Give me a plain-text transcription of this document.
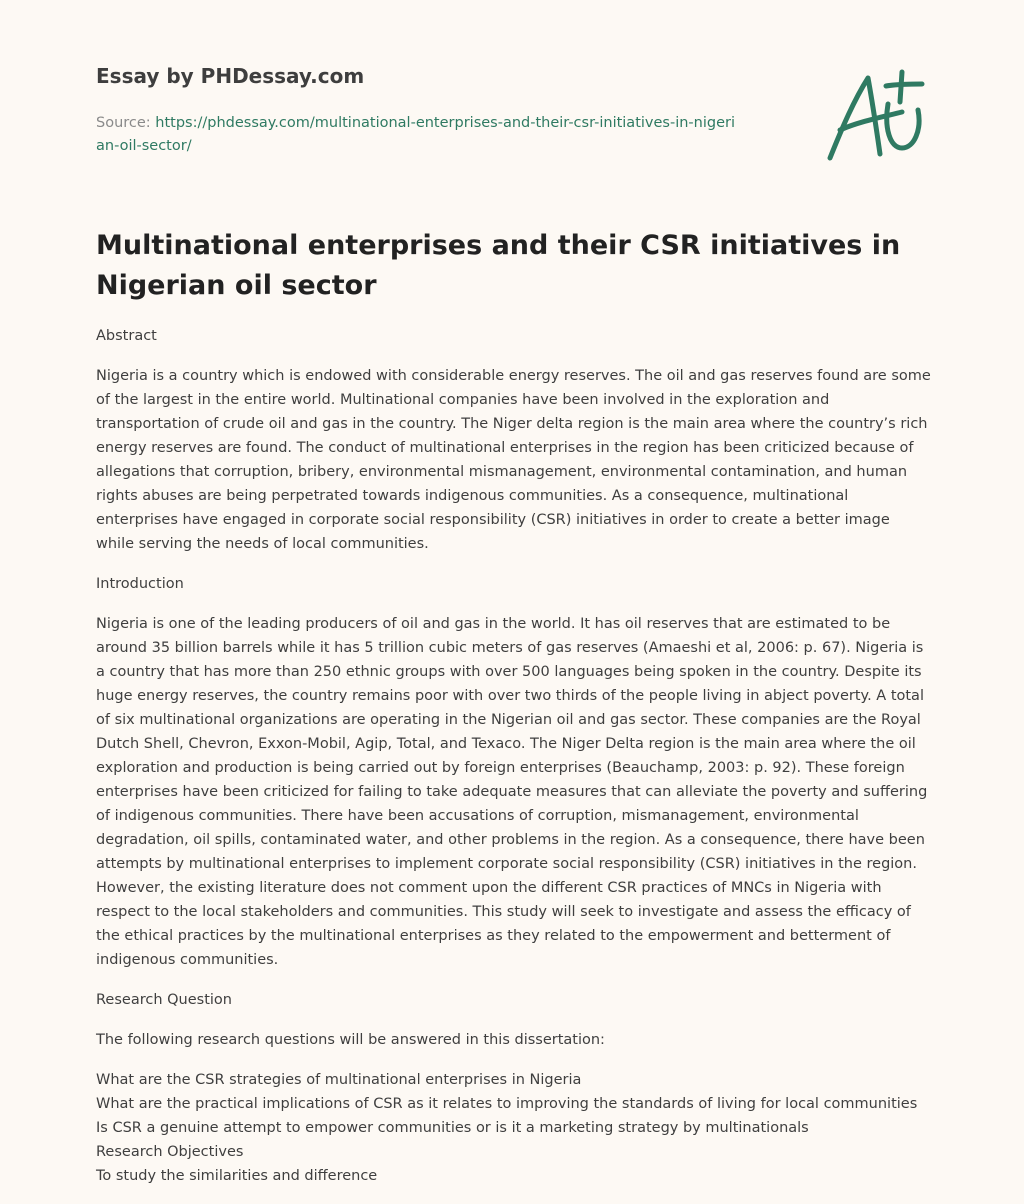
Essay by PHDessay.com

Source: https://phdessay.com/multinational-enterprises-and-their-csr-initiatives-in-nigerian-oil-sector/

Multinational enterprises and their CSR initiatives in Nigerian oil sector

Abstract

Nigeria is a country which is endowed with considerable energy reserves. The oil and gas reserves found are some of the largest in the entire world. Multinational companies have been involved in the exploration and transportation of crude oil and gas in the country. The Niger delta region is the main area where the country’s rich energy reserves are found. The conduct of multinational enterprises in the region has been criticized because of allegations that corruption, bribery, environmental mismanagement, environmental contamination, and human rights abuses are being perpetrated towards indigenous communities. As a consequence, multinational enterprises have engaged in corporate social responsibility (CSR) initiatives in order to create a better image while serving the needs of local communities.

Introduction

Nigeria is one of the leading producers of oil and gas in the world. It has oil reserves that are estimated to be around 35 billion barrels while it has 5 trillion cubic meters of gas reserves (Amaeshi et al, 2006: p. 67). Nigeria is a country that has more than 250 ethnic groups with over 500 languages being spoken in the country. Despite its huge energy reserves, the country remains poor with over two thirds of the people living in abject poverty. A total of six multinational organizations are operating in the Nigerian oil and gas sector. These companies are the Royal Dutch Shell, Chevron, Exxon-Mobil, Agip, Total, and Texaco. The Niger Delta region is the main area where the oil exploration and production is being carried out by foreign enterprises (Beauchamp, 2003: p. 92). These foreign enterprises have been criticized for failing to take adequate measures that can alleviate the poverty and suffering of indigenous communities. There have been accusations of corruption, mismanagement, environmental degradation, oil spills, contaminated water, and other problems in the region. As a consequence, there have been attempts by multinational enterprises to implement corporate social responsibility (CSR) initiatives in the region. However, the existing literature does not comment upon the different CSR practices of MNCs in Nigeria with respect to the local stakeholders and communities. This study will seek to investigate and assess the efficacy of the ethical practices by the multinational enterprises as they related to the empowerment and betterment of indigenous communities.

Research Question

The following research questions will be answered in this dissertation:

What are the CSR strategies of multinational enterprises in Nigeria
What are the practical implications of CSR as it relates to improving the standards of living for local communities
Is CSR a genuine attempt to empower communities or is it a marketing strategy by multinationals
Research Objectives
To study the similarities and difference
